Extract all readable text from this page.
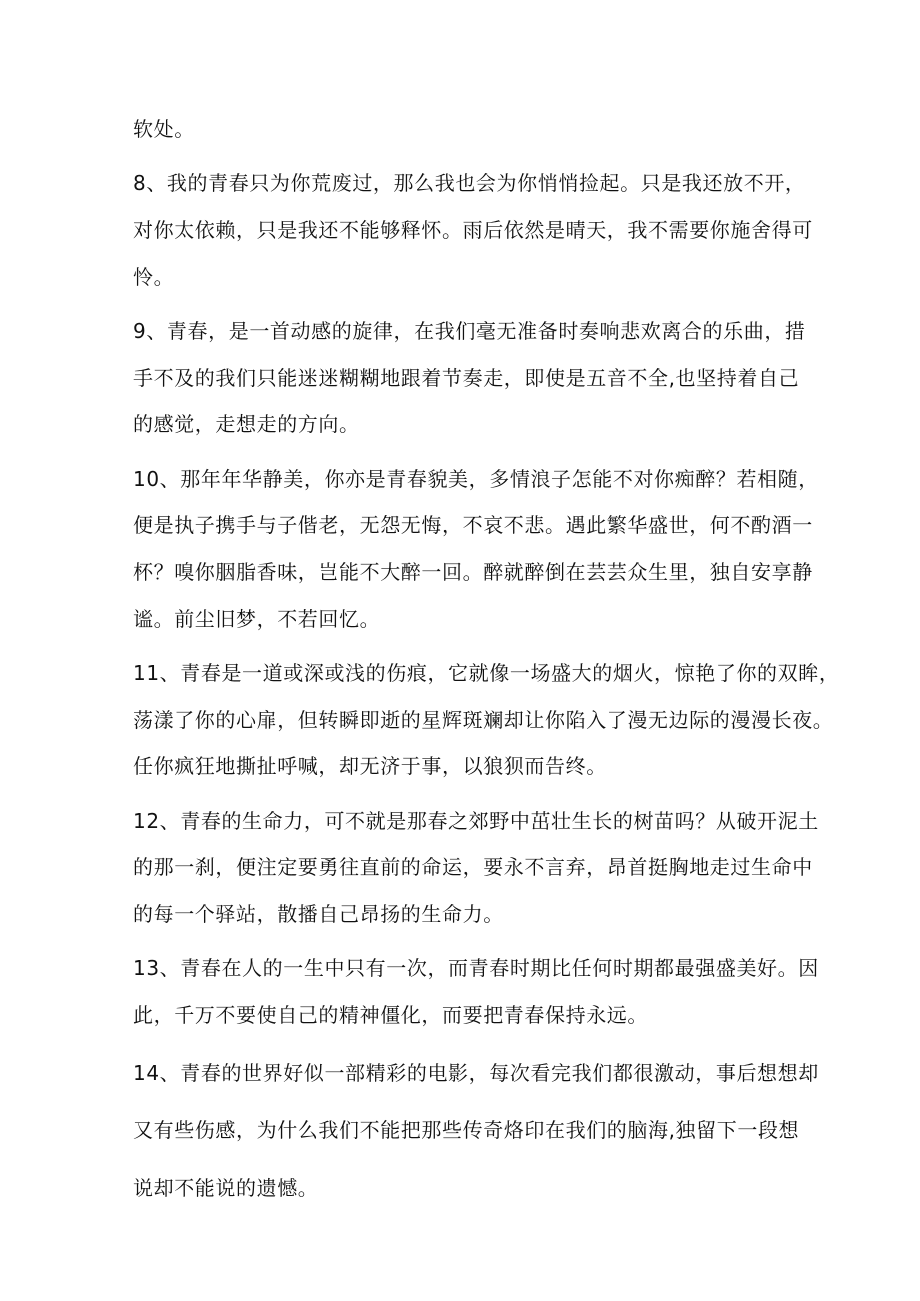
软处。

8、我的青春只为你荒废过，那么我也会为你悄悄捡起。只是我还放不开，

对你太依赖，只是我还不能够释怀。雨后依然是晴天，我不需要你施舍得可

怜。

9、青春，是一首动感的旋律，在我们毫无准备时奏响悲欢离合的乐曲，措

手不及的我们只能迷迷糊糊地跟着节奏走，即使是五音不全,也坚持着自己

的感觉，走想走的方向。

10、那年年华静美，你亦是青春貌美，多情浪子怎能不对你痴醉？若相随，

便是执子携手与子偕老，无怨无悔，不哀不悲。遇此繁华盛世，何不酌酒一

杯？嗅你胭脂香味，岂能不大醉一回。醉就醉倒在芸芸众生里，独自安享静

谧。前尘旧梦，不若回忆。

11、青春是一道或深或浅的伤痕，它就像一场盛大的烟火，惊艳了你的双眸，

荡漾了你的心扉，但转瞬即逝的星辉斑斓却让你陷入了漫无边际的漫漫长夜。

任你疯狂地撕扯呼喊，却无济于事，以狼狈而告终。

12、青春的生命力，可不就是那春之郊野中茁壮生长的树苗吗？从破开泥土

的那一刹，便注定要勇往直前的命运，要永不言弃，昂首挺胸地走过生命中

的每一个驿站，散播自己昂扬的生命力。

13、青春在人的一生中只有一次，而青春时期比任何时期都最强盛美好。因

此，千万不要使自己的精神僵化，而要把青春保持永远。

14、青春的世界好似一部精彩的电影，每次看完我们都很激动，事后想想却

又有些伤感，为什么我们不能把那些传奇烙印在我们的脑海,独留下一段想

说却不能说的遗憾。
